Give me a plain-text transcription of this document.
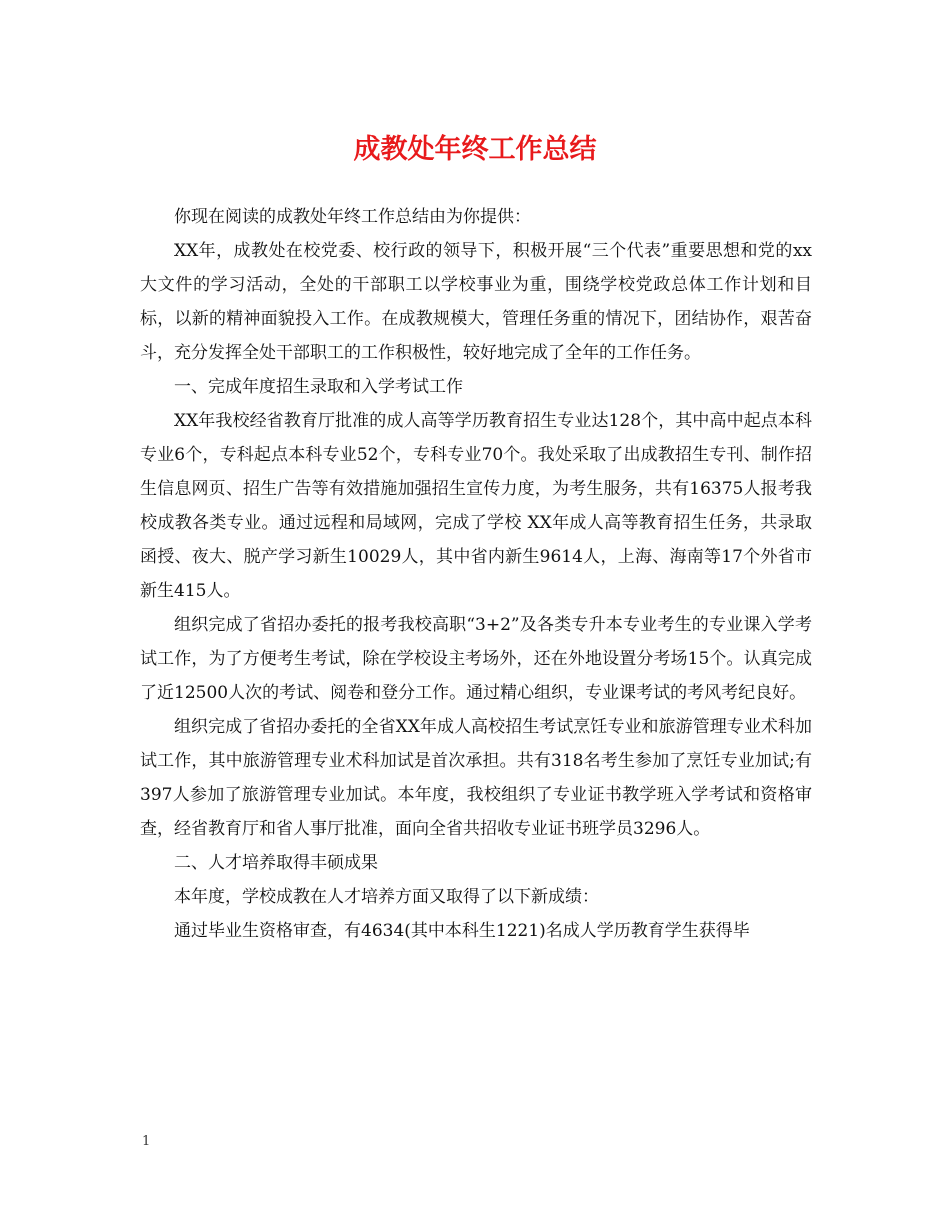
成教处年终工作总结

你现在阅读的成教处年终工作总结由为你提供：

XX年，成教处在校党委、校行政的领导下，积极开展“三个代表”重要思想和党的xx大文件的学习活动，全处的干部职工以学校事业为重，围绕学校党政总体工作计划和目标，以新的精神面貌投入工作。在成教规模大，管理任务重的情况下，团结协作，艰苦奋斗，充分发挥全处干部职工的工作积极性，较好地完成了全年的工作任务。

一、完成年度招生录取和入学考试工作

XX年我校经省教育厅批准的成人高等学历教育招生专业达128个，其中高中起点本科专业6个，专科起点本科专业52个，专科专业70个。我处采取了出成教招生专刊、制作招生信息网页、招生广告等有效措施加强招生宣传力度，为考生服务，共有16375人报考我校成教各类专业。通过远程和局域网，完成了学校 XX年成人高等教育招生任务，共录取函授、夜大、脱产学习新生10029人，其中省内新生9614人，上海、海南等17个外省市新生415人。

组织完成了省招办委托的报考我校高职“3+2”及各类专升本专业考生的专业课入学考试工作，为了方便考生考试，除在学校设主考场外，还在外地设置分考场15个。认真完成了近12500人次的考试、阅卷和登分工作。通过精心组织，专业课考试的考风考纪良好。

组织完成了省招办委托的全省XX年成人高校招生考试烹饪专业和旅游管理专业术科加试工作，其中旅游管理专业术科加试是首次承担。共有318名考生参加了烹饪专业加试;有397人参加了旅游管理专业加试。本年度，我校组织了专业证书教学班入学考试和资格审查，经省教育厅和省人事厅批准，面向全省共招收专业证书班学员3296人。

二、人才培养取得丰硕成果

本年度，学校成教在人才培养方面又取得了以下新成绩：

通过毕业生资格审查，有4634(其中本科生1221)名成人学历教育学生获得毕

1
